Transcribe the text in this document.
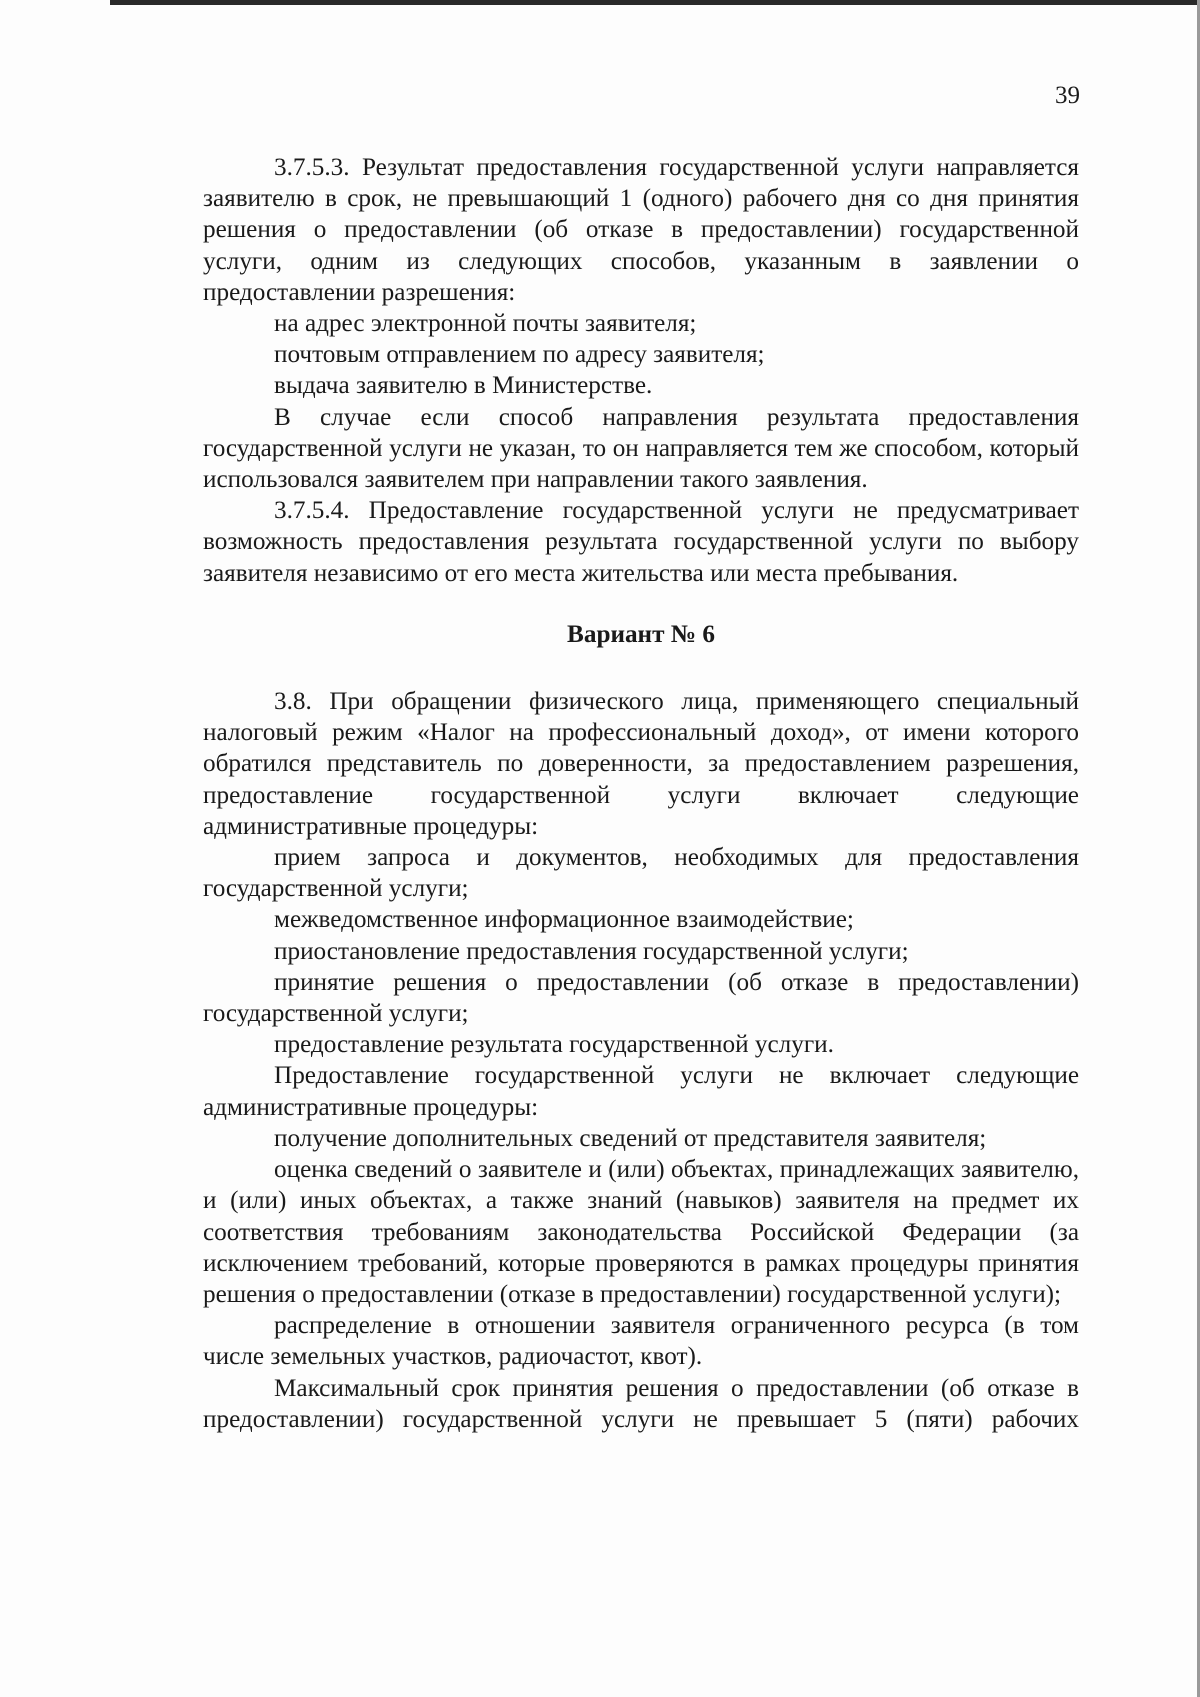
39

3.7.5.3. Результат предоставления государственной услуги направляется заявителю в срок, не превышающий 1 (одного) рабочего дня со дня принятия решения о предоставлении (об отказе в предоставлении) государственной услуги, одним из следующих способов, указанным в заявлении о предоставлении разрешения:

на адрес электронной почты заявителя;

почтовым отправлением по адресу заявителя;

выдача заявителю в Министерстве.

В случае если способ направления результата предоставления государственной услуги не указан, то он направляется тем же способом, который использовался заявителем при направлении такого заявления.

3.7.5.4. Предоставление государственной услуги не предусматривает возможность предоставления результата государственной услуги по выбору заявителя независимо от его места жительства или места пребывания.

Вариант № 6

3.8. При обращении физического лица, применяющего специальный налоговый режим «Налог на профессиональный доход», от имени которого обратился представитель по доверенности, за предоставлением разрешения, предоставление государственной услуги включает следующие административные процедуры:

прием запроса и документов, необходимых для предоставления государственной услуги;

межведомственное информационное взаимодействие;

приостановление предоставления государственной услуги;

принятие решения о предоставлении (об отказе в предоставлении) государственной услуги;

предоставление результата государственной услуги.

Предоставление государственной услуги не включает следующие административные процедуры:

получение дополнительных сведений от представителя заявителя;

оценка сведений о заявителе и (или) объектах, принадлежащих заявителю, и (или) иных объектах, а также знаний (навыков) заявителя на предмет их соответствия требованиям законодательства Российской Федерации (за исключением требований, которые проверяются в рамках процедуры принятия решения о предоставлении (отказе в предоставлении) государственной услуги);

распределение в отношении заявителя ограниченного ресурса (в том числе земельных участков, радиочастот, квот).

Максимальный срок принятия решения о предоставлении (об отказе в предоставлении) государственной услуги не превышает 5 (пяти) рабочих
